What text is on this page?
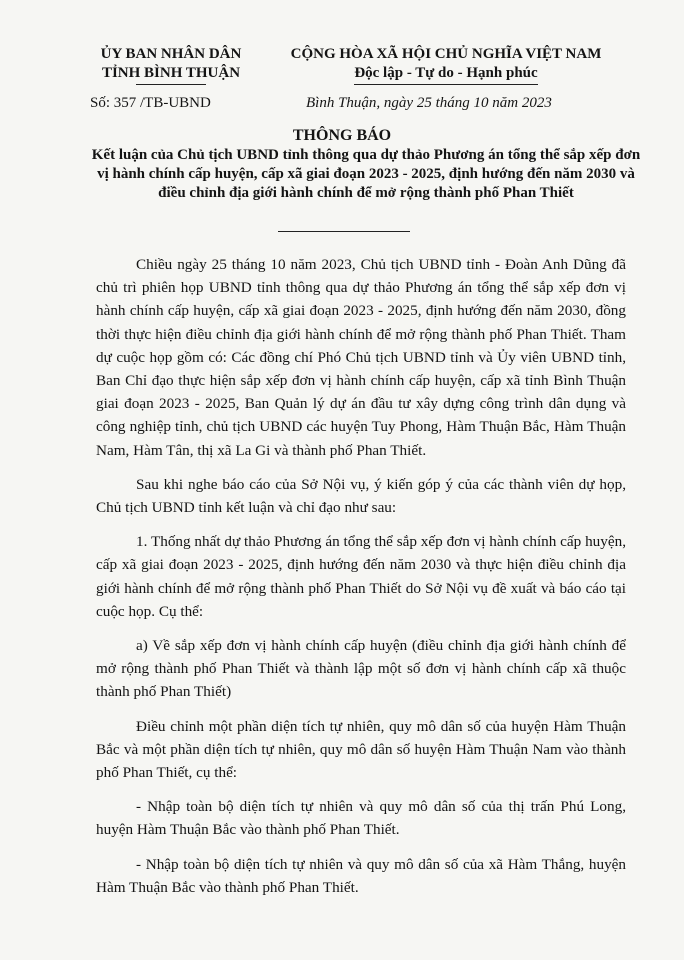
ỦY BAN NHÂN DÂN
TỈNH BÌNH THUẬN
CỘNG HÒA XÃ HỘI CHỦ NGHĨA VIỆT NAM
Độc lập - Tự do - Hạnh phúc
Số: 357 /TB-UBND	Bình Thuận, ngày 25 tháng 10 năm 2023
THÔNG BÁO
Kết luận của Chủ tịch UBND tỉnh thông qua dự thảo Phương án tổng thể sắp xếp đơn vị hành chính cấp huyện, cấp xã giai đoạn 2023 - 2025, định hướng đến năm 2030 và điều chỉnh địa giới hành chính để mở rộng thành phố Phan Thiết

Chiều ngày 25 tháng 10 năm 2023, Chủ tịch UBND tỉnh - Đoàn Anh Dũng đã chủ trì phiên họp UBND tỉnh thông qua dự thảo Phương án tổng thể sắp xếp đơn vị hành chính cấp huyện, cấp xã giai đoạn 2023 - 2025, định hướng đến năm 2030, đồng thời thực hiện điều chỉnh địa giới hành chính để mở rộng thành phố Phan Thiết. Tham dự cuộc họp gồm có: Các đồng chí Phó Chủ tịch UBND tỉnh và Ủy viên UBND tỉnh, Ban Chỉ đạo thực hiện sắp xếp đơn vị hành chính cấp huyện, cấp xã tỉnh Bình Thuận giai đoạn 2023 - 2025, Ban Quản lý dự án đầu tư xây dựng công trình dân dụng và công nghiệp tỉnh, chủ tịch UBND các huyện Tuy Phong, Hàm Thuận Bắc, Hàm Thuận Nam, Hàm Tân, thị xã La Gi và thành phố Phan Thiết.

Sau khi nghe báo cáo của Sở Nội vụ, ý kiến góp ý của các thành viên dự họp, Chủ tịch UBND tỉnh kết luận và chỉ đạo như sau:

1. Thống nhất dự thảo Phương án tổng thể sắp xếp đơn vị hành chính cấp huyện, cấp xã giai đoạn 2023 - 2025, định hướng đến năm 2030 và thực hiện điều chỉnh địa giới hành chính để mở rộng thành phố Phan Thiết do Sở Nội vụ đề xuất và báo cáo tại cuộc họp. Cụ thể:

a) Về sắp xếp đơn vị hành chính cấp huyện (điều chỉnh địa giới hành chính để mở rộng thành phố Phan Thiết và thành lập một số đơn vị hành chính cấp xã thuộc thành phố Phan Thiết)

Điều chỉnh một phần diện tích tự nhiên, quy mô dân số của huyện Hàm Thuận Bắc và một phần diện tích tự nhiên, quy mô dân số huyện Hàm Thuận Nam vào thành phố Phan Thiết, cụ thể:

- Nhập toàn bộ diện tích tự nhiên và quy mô dân số của thị trấn Phú Long, huyện Hàm Thuận Bắc vào thành phố Phan Thiết.

- Nhập toàn bộ diện tích tự nhiên và quy mô dân số của xã Hàm Thắng, huyện Hàm Thuận Bắc vào thành phố Phan Thiết.
